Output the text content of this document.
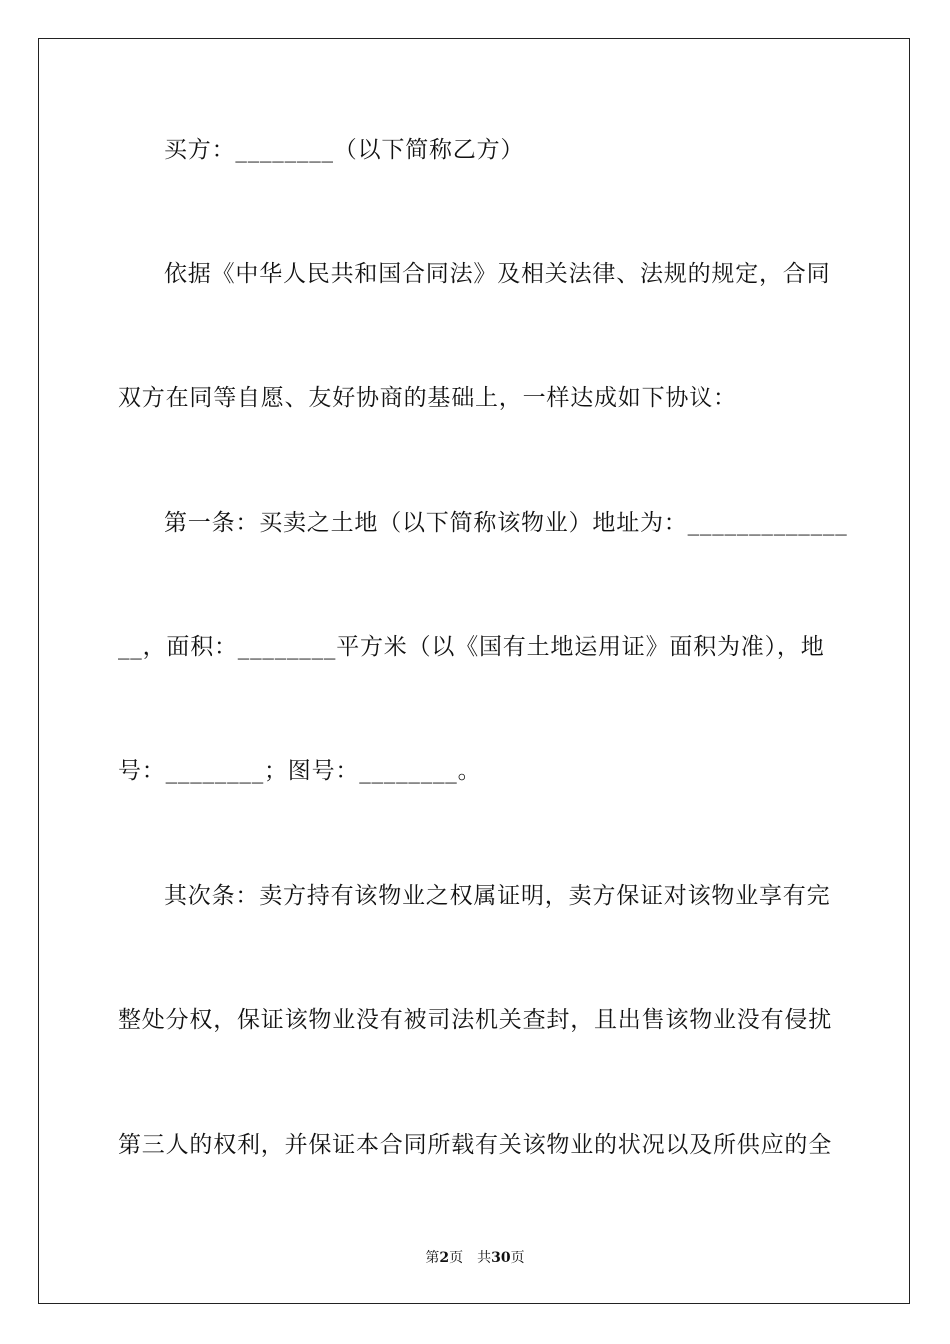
买方：________（以下简称乙方）
依据《中华人民共和国合同法》及相关法律、法规的规定，合同
双方在同等自愿、友好协商的基础上，一样达成如下协议：
第一条：买卖之土地（以下简称该物业）地址为：_____________
__，面积：________平方米（以《国有土地运用证》面积为准），地
号：________；图号：________。
其次条：卖方持有该物业之权属证明，卖方保证对该物业享有完
整处分权，保证该物业没有被司法机关查封，且出售该物业没有侵扰
第三人的权利，并保证本合同所载有关该物业的状况以及所供应的全
第2页　共30页
